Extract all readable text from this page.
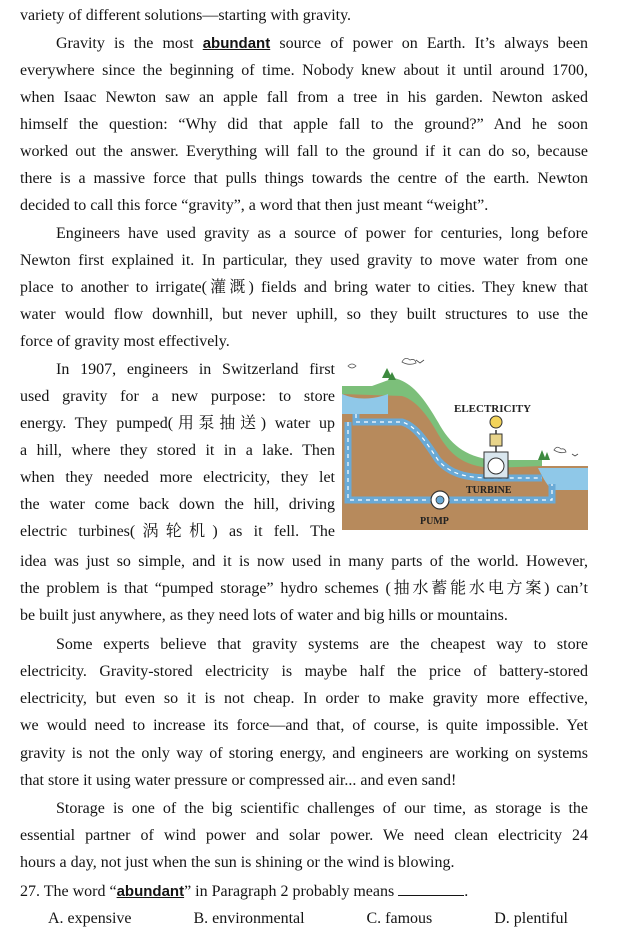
variety of different solutions—starting with gravity.
Gravity is the most abundant source of power on Earth. It’s always been
everywhere since the beginning of time. Nobody knew about it until around 1700,
when Isaac Newton saw an apple fall from a tree in his garden. Newton asked
himself the question: “Why did that apple fall to the ground?” And he soon
worked out the answer. Everything will fall to the ground if it can do so, because
there is a massive force that pulls things towards the centre of the earth. Newton
decided to call this force “gravity”, a word that then just meant “weight”.
Engineers have used gravity as a source of power for centuries, long before
Newton first explained it. In particular, they used gravity to move water from one
place to another to irrigate(灌溉) fields and bring water to cities. They knew that
water would flow downhill, but never uphill, so they built structures to use the
force of gravity most effectively.
In 1907, engineers in Switzerland first
used gravity for a new purpose: to store
energy. They pumped(用泵抽送) water up
a hill, where they stored it in a lake. Then
when they needed more electricity, they let
the water come back down the hill, driving
electric turbines(涡轮机) as it fell. The
idea was just so simple, and it is now used in many parts of the world. However,
the problem is that “pumped storage” hydro schemes (抽水蓄能水电方案) can’t
be built just anywhere, as they need lots of water and big hills or mountains.
Some experts believe that gravity systems are the cheapest way to store
electricity. Gravity-stored electricity is maybe half the price of battery-stored
electricity, but even so it is not cheap. In order to make gravity more effective,
we would need to increase its force—and that, of course, is quite impossible. Yet
gravity is not the only way of storing energy, and engineers are working on systems
that store it using water pressure or compressed air... and even sand!
Storage is one of the big scientific challenges of our time, as storage is the
essential partner of wind power and solar power. We need clean electricity 24
hours a day, not just when the sun is shining or the wind is blowing.
27. The word “abundant” in Paragraph 2 probably means	.
A. expensive	B. environmental	C. famous	D. plentiful
ELECTRICITY
TURBINE
PUMP
